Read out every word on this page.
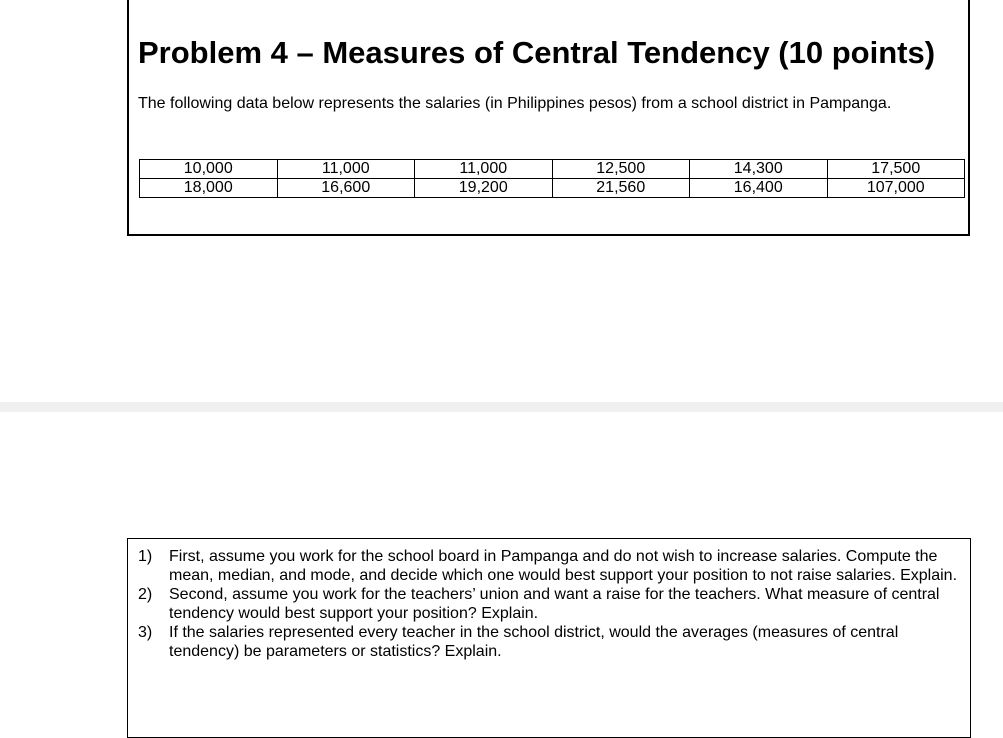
Problem 4 – Measures of Central Tendency (10 points)

The following data below represents the salaries (in Philippines pesos) from a school district in Pampanga.

10,000	11,000	11,000	12,500	14,300	17,500
18,000	16,600	19,200	21,560	16,400	107,000
1) First, assume you work for the school board in Pampanga and do not wish to increase salaries. Compute the mean, median, and mode, and decide which one would best support your position to not raise salaries. Explain.
2) Second, assume you work for the teachers’ union and want a raise for the teachers. What measure of central tendency would best support your position? Explain.
3) If the salaries represented every teacher in the school district, would the averages (measures of central tendency) be parameters or statistics? Explain.
